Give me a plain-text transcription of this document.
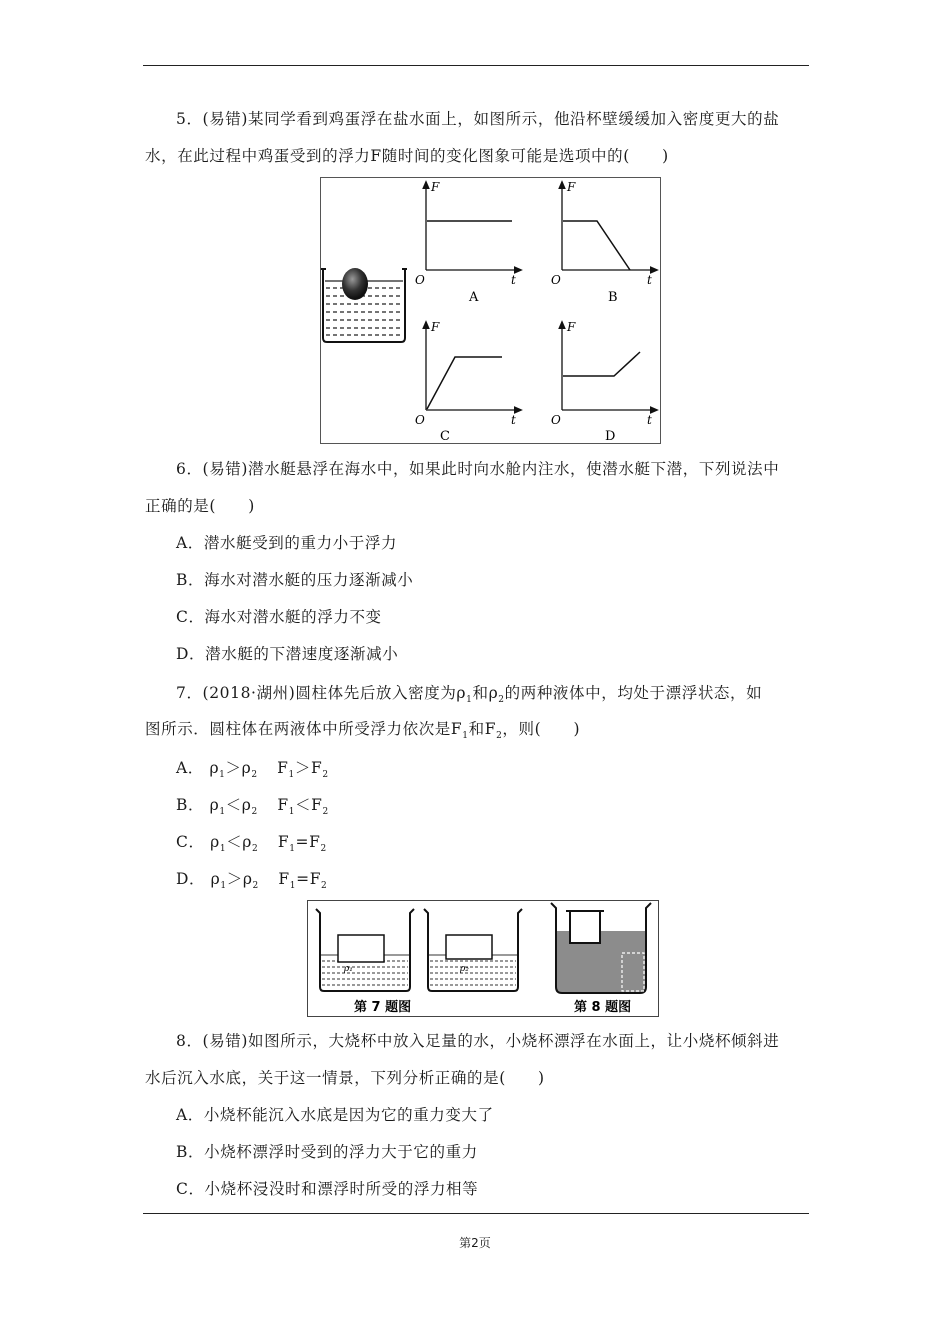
5．(易错)某同学看到鸡蛋浮在盐水面上，如图所示，他沿杯壁缓缓加入密度更大的盐
水，在此过程中鸡蛋受到的浮力F随时间的变化图象可能是选项中的(　　)
F
t
O
A
F
t
O
B
F
t
O
C
F
t
O
D
6．(易错)潜水艇悬浮在海水中，如果此时向水舱内注水，使潜水艇下潜，下列说法中
正确的是(　　)
A．潜水艇受到的重力小于浮力
B．海水对潜水艇的压力逐渐减小
C．海水对潜水艇的浮力不变
D．潜水艇的下潜速度逐渐减小
7．(2018·湖州)圆柱体先后放入密度为$\rho_1$和$\rho_2$的两种液体中，均处于漂浮状态，如
图所示．圆柱体在两液体中所受浮力依次是$F_1$和$F_2$，则(　　)
A． $\rho_1>\rho_2$ $F_1>F_2$
B． $\rho_1<\rho_2$ $F_1<F_2$
C． $\rho_1<\rho_2$ $F_1=F_2$
D． $\rho_1>\rho_2$ $F_1=F_2$
ρ₁	ρ₂
第 7 题图	第 8 题图
8．(易错)如图所示，大烧杯中放入足量的水，小烧杯漂浮在水面上，让小烧杯倾斜进
水后沉入水底，关于这一情景，下列分析正确的是(　　)
A．小烧杯能沉入水底是因为它的重力变大了
B．小烧杯漂浮时受到的浮力大于它的重力
C．小烧杯浸没时和漂浮时所受的浮力相等
第2页
